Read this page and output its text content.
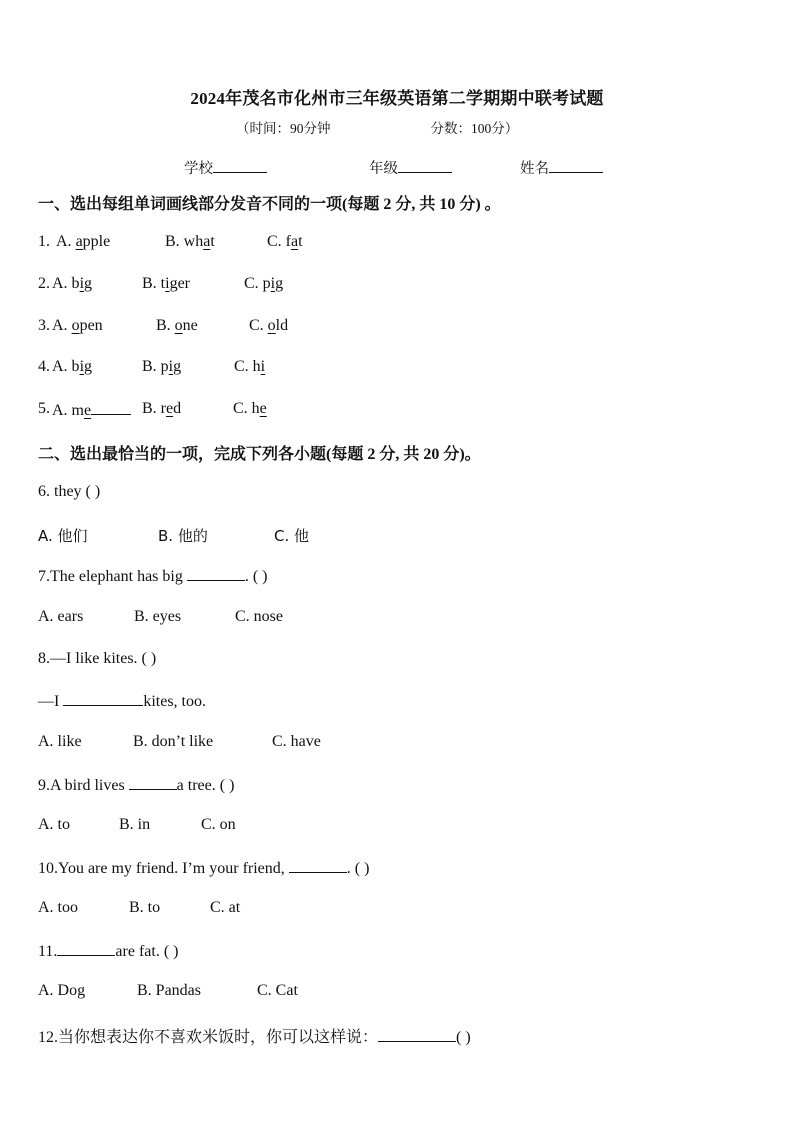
2024年茂名市化州市三年级英语第二学期期中联考试题
（时间：90分钟	分数：100分）
学校	年级	姓名
一、选出每组单词画线部分发音不同的一项(每题 2 分, 共 10 分) 。
1. A. apple	B. what	C. fat
2. A. big	B. tiger	C. pig
3. A. open	B. one	C. old
4. A. big	B. pig	C. hi
5. A. me	B. red	C. he
二、选出最恰当的一项，完成下列各小题(每题 2 分, 共 20 分)。
6. they ( )
A. 他们	B. 他的	C. 他
7.The elephant has big	. ( )
A. ears	B. eyes	C. nose
8.—I like kites. ( )
—I	kites, too.
A. like	B. don’t like	C. have
9.A bird lives	a tree. ( )
A. to	B. in	C. on
10.You are my friend. I’m your friend,	. ( )
A. too	B. to	C. at
11.	are fat. ( )
A. Dog	B. Pandas	C. Cat
12.当你想表达你不喜欢米饭时，你可以这样说：	( )
